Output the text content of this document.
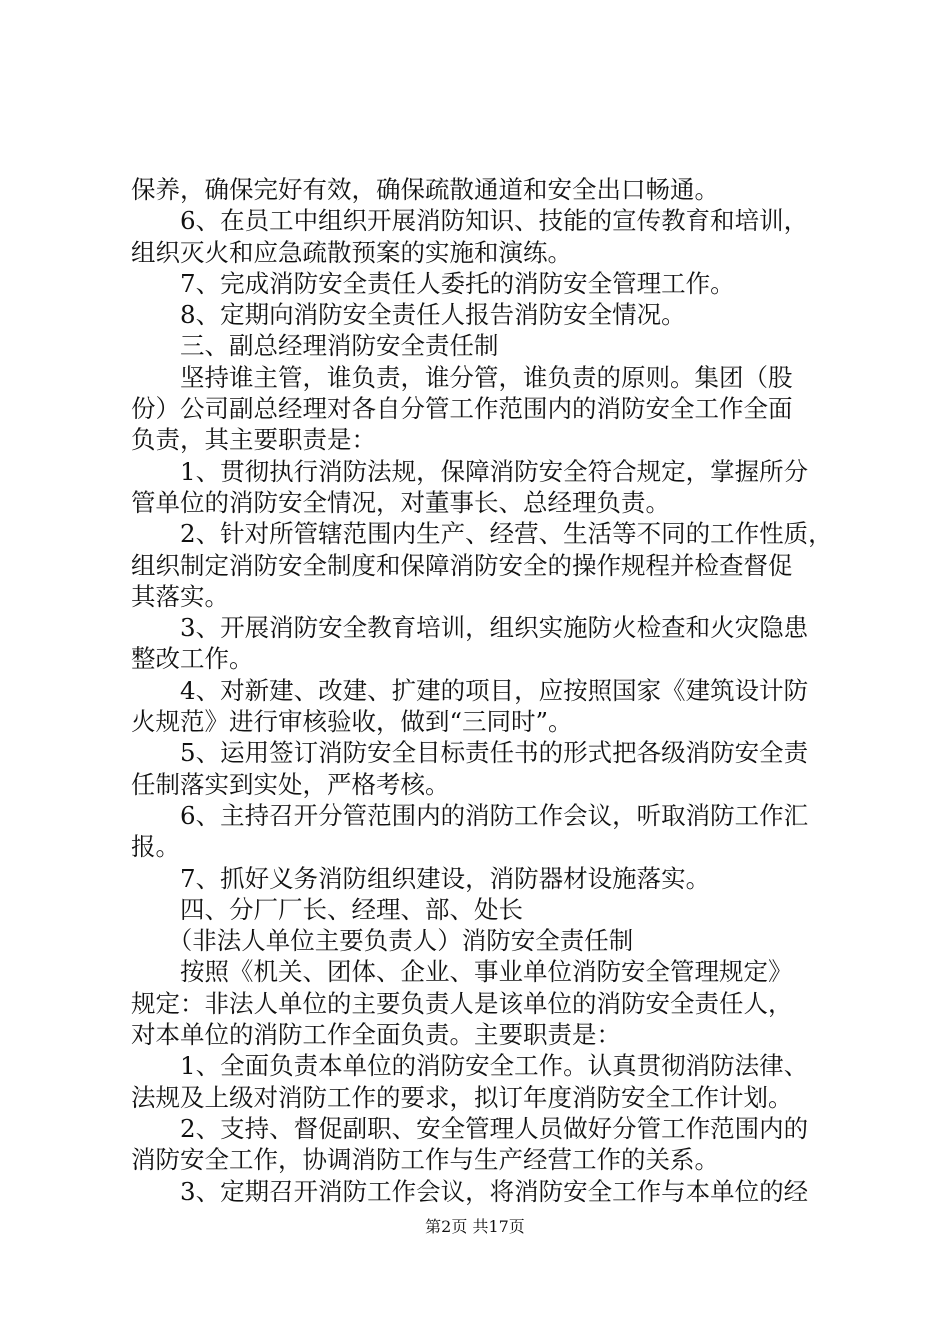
保养，确保完好有效，确保疏散通道和安全出口畅通。

　　6、在员工中组织开展消防知识、技能的宣传教育和培训，

组织灭火和应急疏散预案的实施和演练。

　　7、完成消防安全责任人委托的消防安全管理工作。

　　8、定期向消防安全责任人报告消防安全情况。

　　三、副总经理消防安全责任制

　　坚持谁主管，谁负责，谁分管，谁负责的原则。集团（股

份）公司副总经理对各自分管工作范围内的消防安全工作全面

负责，其主要职责是：

　　1、贯彻执行消防法规，保障消防安全符合规定，掌握所分

管单位的消防安全情况，对董事长、总经理负责。

　　2、针对所管辖范围内生产、经营、生活等不同的工作性质，

组织制定消防安全制度和保障消防安全的操作规程并检查督促

其落实。

　　3、开展消防安全教育培训，组织实施防火检查和火灾隐患

整改工作。

　　4、对新建、改建、扩建的项目，应按照国家《建筑设计防

火规范》进行审核验收，做到“三同时”。

　　5、运用签订消防安全目标责任书的形式把各级消防安全责

任制落实到实处，严格考核。

　　6、主持召开分管范围内的消防工作会议，听取消防工作汇

报。

　　7、抓好义务消防组织建设，消防器材设施落实。

　　四、分厂厂长、经理、部、处长

　　（非法人单位主要负责人）消防安全责任制

　　按照《机关、团体、企业、事业单位消防安全管理规定》

规定：非法人单位的主要负责人是该单位的消防安全责任人，

对本单位的消防工作全面负责。主要职责是：

　　1、全面负责本单位的消防安全工作。认真贯彻消防法律、

法规及上级对消防工作的要求，拟订年度消防安全工作计划。

　　2、支持、督促副职、安全管理人员做好分管工作范围内的

消防安全工作，协调消防工作与生产经营工作的关系。

　　3、定期召开消防工作会议，将消防安全工作与本单位的经

第2页 共17页
